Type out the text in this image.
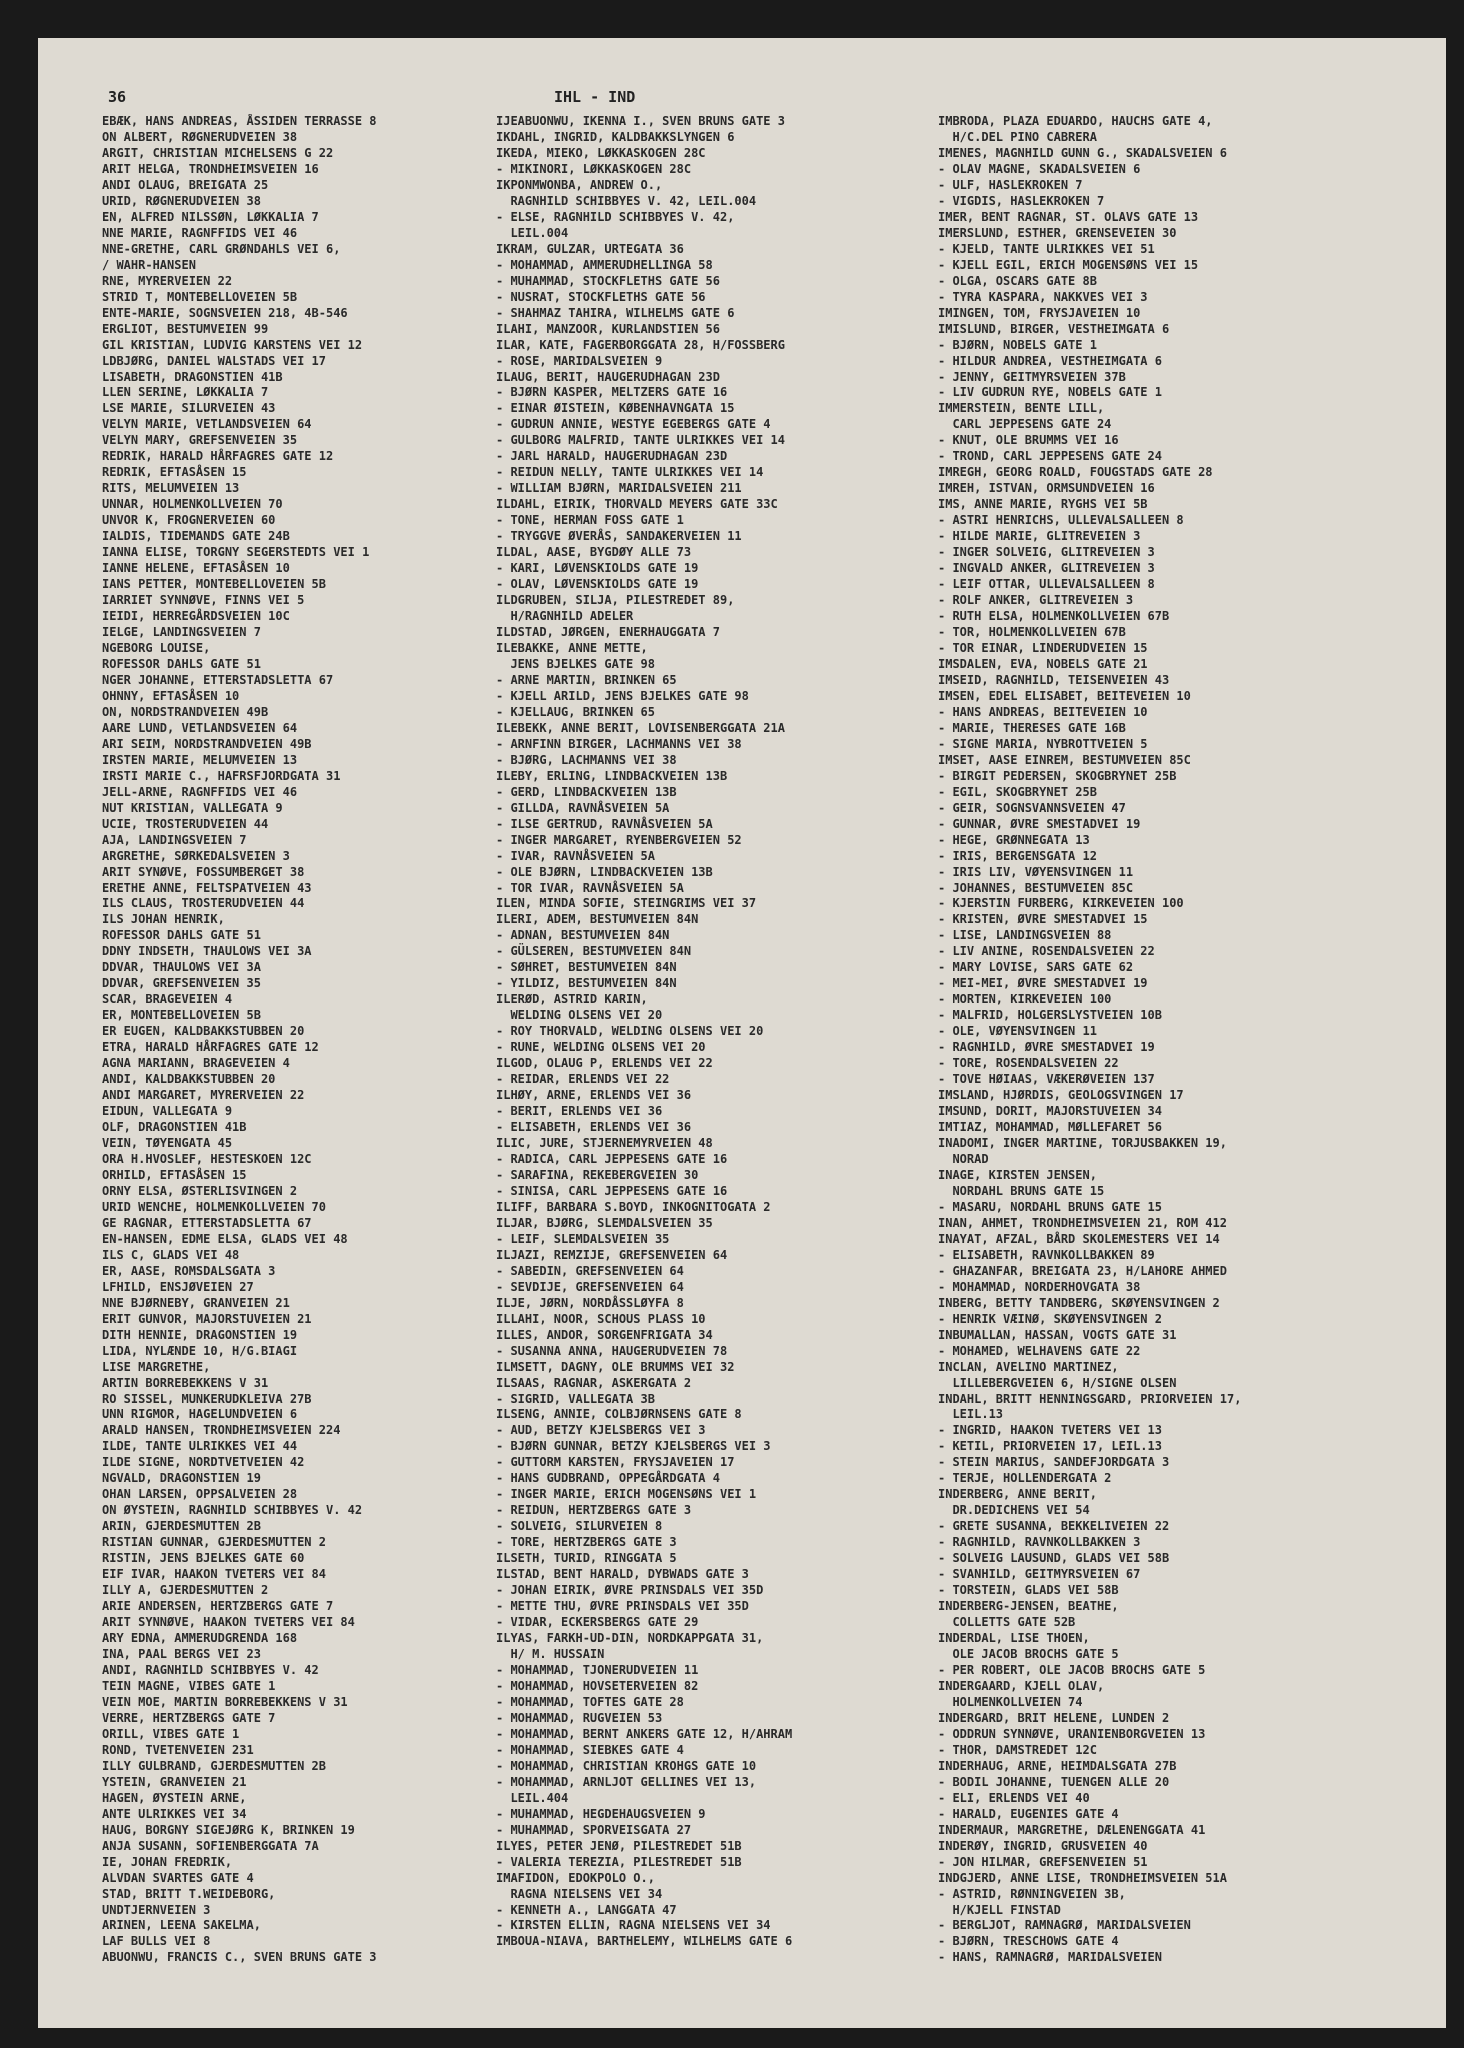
36	IHL - IND
EBÆK, HANS ANDREAS, ÅSSIDEN TERRASSE 8
ON ALBERT, RØGNERUDVEIEN 38
ARGIT, CHRISTIAN MICHELSENS G 22
ARIT HELGA, TRONDHEIMSVEIEN 16
ANDI OLAUG, BREIGATA 25
URID, RØGNERUDVEIEN 38
EN, ALFRED NILSSØN, LØKKALIA 7
NNE MARIE, RAGNFFIDS VEI 46
NNE-GRETHE, CARL GRØNDAHLS VEI 6,
/ WAHR-HANSEN
RNE, MYRERVEIEN 22
STRID T, MONTEBELLOVEIEN 5B
ENTE-MARIE, SOGNSVEIEN 218, 4B-546
ERGLIOT, BESTUMVEIEN 99
GIL KRISTIAN, LUDVIG KARSTENS VEI 12
LDBJØRG, DANIEL WALSTADS VEI 17
LISABETH, DRAGONSTIEN 41B
LLEN SERINE, LØKKALIA 7
LSE MARIE, SILURVEIEN 43
VELYN MARIE, VETLANDSVEIEN 64
VELYN MARY, GREFSENVEIEN 35
REDRIK, HARALD HÅRFAGRES GATE 12
REDRIK, EFTASÅSEN 15
RITS, MELUMVEIEN 13
UNNAR, HOLMENKOLLVEIEN 70
UNVOR K, FROGNERVEIEN 60
IALDIS, TIDEMANDS GATE 24B
IANNA ELISE, TORGNY SEGERSTEDTS VEI 1
IANNE HELENE, EFTASÅSEN 10
IANS PETTER, MONTEBELLOVEIEN 5B
IARRIET SYNNØVE, FINNS VEI 5
IEIDI, HERREGÅRDSVEIEN 10C
IELGE, LANDINGSVEIEN 7
NGEBORG LOUISE,
ROFESSOR DAHLS GATE 51
NGER JOHANNE, ETTERSTADSLETTA 67
OHNNY, EFTASÅSEN 10
ON, NORDSTRANDVEIEN 49B
AARE LUND, VETLANDSVEIEN 64
ARI SEIM, NORDSTRANDVEIEN 49B
IRSTEN MARIE, MELUMVEIEN 13
IRSTI MARIE C., HAFRSFJORDGATA 31
JELL-ARNE, RAGNFFIDS VEI 46
NUT KRISTIAN, VALLEGATA 9
UCIE, TROSTERUDVEIEN 44
AJA, LANDINGSVEIEN 7
ARGRETHE, SØRKEDALSVEIEN 3
ARIT SYNØVE, FOSSUMBERGET 38
ERETHE ANNE, FELTSPATVEIEN 43
ILS CLAUS, TROSTERUDVEIEN 44
ILS JOHAN HENRIK,
ROFESSOR DAHLS GATE 51
DDNY INDSETH, THAULOWS VEI 3A
DDVAR, THAULOWS VEI 3A
DDVAR, GREFSENVEIEN 35
SCAR, BRAGEVEIEN 4
ER, MONTEBELLOVEIEN 5B
ER EUGEN, KALDBAKKSTUBBEN 20
ETRA, HARALD HÅRFAGRES GATE 12
AGNA MARIANN, BRAGEVEIEN 4
ANDI, KALDBAKKSTUBBEN 20
ANDI MARGARET, MYRERVEIEN 22
EIDUN, VALLEGATA 9
OLF, DRAGONSTIEN 41B
VEIN, TØYENGATA 45
ORA H.HVOSLEF, HESTESKOEN 12C
ORHILD, EFTASÅSEN 15
ORNY ELSA, ØSTERLISVINGEN 2
URID WENCHE, HOLMENKOLLVEIEN 70
GE RAGNAR, ETTERSTADSLETTA 67
EN-HANSEN, EDME ELSA, GLADS VEI 48
ILS C, GLADS VEI 48
ER, AASE, ROMSDALSGATA 3
LFHILD, ENSJØVEIEN 27
NNE BJØRNEBY, GRANVEIEN 21
ERIT GUNVOR, MAJORSTUVEIEN 21
DITH HENNIE, DRAGONSTIEN 19
LIDA, NYLÆNDE 10, H/G.BIAGI
LISE MARGRETHE,
ARTIN BORREBEKKENS V 31
RO SISSEL, MUNKERUDKLEIVA 27B
UNN RIGMOR, HAGELUNDVEIEN 6
ARALD HANSEN, TRONDHEIMSVEIEN 224
ILDE, TANTE ULRIKKES VEI 44
ILDE SIGNE, NORDTVETVEIEN 42
NGVALD, DRAGONSTIEN 19
OHAN LARSEN, OPPSALVEIEN 28
ON ØYSTEIN, RAGNHILD SCHIBBYES V. 42
ARIN, GJERDESMUTTEN 2B
RISTIAN GUNNAR, GJERDESMUTTEN 2
RISTIN, JENS BJELKES GATE 60
EIF IVAR, HAAKON TVETERS VEI 84
ILLY A, GJERDESMUTTEN 2
ARIE ANDERSEN, HERTZBERGS GATE 7
ARIT SYNNØVE, HAAKON TVETERS VEI 84
ARY EDNA, AMMERUDGRENDA 168
INA, PAAL BERGS VEI 23
ANDI, RAGNHILD SCHIBBYES V. 42
TEIN MAGNE, VIBES GATE 1
VEIN MOE, MARTIN BORREBEKKENS V 31
VERRE, HERTZBERGS GATE 7
ORILL, VIBES GATE 1
ROND, TVETENVEIEN 231
ILLY GULBRAND, GJERDESMUTTEN 2B
YSTEIN, GRANVEIEN 21
HAGEN, ØYSTEIN ARNE,
ANTE ULRIKKES VEI 34
HAUG, BORGNY SIGEJØRG K, BRINKEN 19
ANJA SUSANN, SOFIENBERGGATA 7A
IE, JOHAN FREDRIK,
ALVDAN SVARTES GATE 4
STAD, BRITT T.WEIDEBORG,
UNDTJERNVEIEN 3
ARINEN, LEENA SAKELMA,
LAF BULLS VEI 8
ABUONWU, FRANCIS C., SVEN BRUNS GATE 3
IJEABUONWU, IKENNA I., SVEN BRUNS GATE 3
IKDAHL, INGRID, KALDBAKKSLYNGEN 6
IKEDA, MIEKO, LØKKASKOGEN 28C
- MIKINORI, LØKKASKOGEN 28C
IKPONMWONBA, ANDREW O.,
RAGNHILD SCHIBBYES V. 42, LEIL.004
- ELSE, RAGNHILD SCHIBBYES V. 42,
LEIL.004
IKRAM, GULZAR, URTEGATA 36
- MOHAMMAD, AMMERUDHELLINGA 58
- MUHAMMAD, STOCKFLETHS GATE 56
- NUSRAT, STOCKFLETHS GATE 56
- SHAHMAZ TAHIRA, WILHELMS GATE 6
ILAHI, MANZOOR, KURLANDSTIEN 56
ILAR, KATE, FAGERBORGGATA 28, H/FOSSBERG
- ROSE, MARIDALSVEIEN 9
ILAUG, BERIT, HAUGERUDHAGAN 23D
- BJØRN KASPER, MELTZERS GATE 16
- EINAR ØISTEIN, KØBENHAVNGATA 15
- GUDRUN ANNIE, WESTYE EGEBERGS GATE 4
- GULBORG MALFRID, TANTE ULRIKKES VEI 14
- JARL HARALD, HAUGERUDHAGAN 23D
- REIDUN NELLY, TANTE ULRIKKES VEI 14
- WILLIAM BJØRN, MARIDALSVEIEN 211
ILDAHL, EIRIK, THORVALD MEYERS GATE 33C
- TONE, HERMAN FOSS GATE 1
- TRYGGVE ØVERÅS, SANDAKERVEIEN 11
ILDAL, AASE, BYGDØY ALLE 73
- KARI, LØVENSKIOLDS GATE 19
- OLAV, LØVENSKIOLDS GATE 19
ILDGRUBEN, SILJA, PILESTREDET 89,
H/RAGNHILD ADELER
ILDSTAD, JØRGEN, ENERHAUGGATA 7
ILEBAKKE, ANNE METTE,
JENS BJELKES GATE 98
- ARNE MARTIN, BRINKEN 65
- KJELL ARILD, JENS BJELKES GATE 98
- KJELLAUG, BRINKEN 65
ILEBEKK, ANNE BERIT, LOVISENBERGGATA 21A
- ARNFINN BIRGER, LACHMANNS VEI 38
- BJØRG, LACHMANNS VEI 38
ILEBY, ERLING, LINDBACKVEIEN 13B
- GERD, LINDBACKVEIEN 13B
- GILLDA, RAVNÅSVEIEN 5A
- ILSE GERTRUD, RAVNÅSVEIEN 5A
- INGER MARGARET, RYENBERGVEIEN 52
- IVAR, RAVNÅSVEIEN 5A
- OLE BJØRN, LINDBACKVEIEN 13B
- TOR IVAR, RAVNÅSVEIEN 5A
ILEN, MINDA SOFIE, STEINGRIMS VEI 37
ILERI, ADEM, BESTUMVEIEN 84N
- ADNAN, BESTUMVEIEN 84N
- GÜLSEREN, BESTUMVEIEN 84N
- SØHRET, BESTUMVEIEN 84N
- YILDIZ, BESTUMVEIEN 84N
ILERØD, ASTRID KARIN,
WELDING OLSENS VEI 20
- ROY THORVALD, WELDING OLSENS VEI 20
- RUNE, WELDING OLSENS VEI 20
ILGOD, OLAUG P, ERLENDS VEI 22
- REIDAR, ERLENDS VEI 22
ILHØY, ARNE, ERLENDS VEI 36
- BERIT, ERLENDS VEI 36
- ELISABETH, ERLENDS VEI 36
ILIC, JURE, STJERNEMYRVEIEN 48
- RADICA, CARL JEPPESENS GATE 16
- SARAFINA, REKEBERGVEIEN 30
- SINISA, CARL JEPPESENS GATE 16
ILIFF, BARBARA S.BOYD, INKOGNITOGATA 2
ILJAR, BJØRG, SLEMDALSVEIEN 35
- LEIF, SLEMDALSVEIEN 35
ILJAZI, REMZIJE, GREFSENVEIEN 64
- SABEDIN, GREFSENVEIEN 64
- SEVDIJE, GREFSENVEIEN 64
ILJE, JØRN, NORDÅSSLØYFA 8
ILLAHI, NOOR, SCHOUS PLASS 10
ILLES, ANDOR, SORGENFRIGATA 34
- SUSANNA ANNA, HAUGERUDVEIEN 78
ILMSETT, DAGNY, OLE BRUMMS VEI 32
ILSAAS, RAGNAR, ASKERGATA 2
- SIGRID, VALLEGATA 3B
ILSENG, ANNIE, COLBJØRNSENS GATE 8
- AUD, BETZY KJELSBERGS VEI 3
- BJØRN GUNNAR, BETZY KJELSBERGS VEI 3
- GUTTORM KARSTEN, FRYSJAVEIEN 17
- HANS GUDBRAND, OPPEGÅRDGATA 4
- INGER MARIE, ERICH MOGENSØNS VEI 1
- REIDUN, HERTZBERGS GATE 3
- SOLVEIG, SILURVEIEN 8
- TORE, HERTZBERGS GATE 3
ILSETH, TURID, RINGGATA 5
ILSTAD, BENT HARALD, DYBWADS GATE 3
- JOHAN EIRIK, ØVRE PRINSDALS VEI 35D
- METTE THU, ØVRE PRINSDALS VEI 35D
- VIDAR, ECKERSBERGS GATE 29
ILYAS, FARKH-UD-DIN, NORDKAPPGATA 31,
H/ M. HUSSAIN
- MOHAMMAD, TJONERUDVEIEN 11
- MOHAMMAD, HOVSETERVEIEN 82
- MOHAMMAD, TOFTES GATE 28
- MOHAMMAD, RUGVEIEN 53
- MOHAMMAD, BERNT ANKERS GATE 12, H/AHRAM
- MOHAMMAD, SIEBKES GATE 4
- MOHAMMAD, CHRISTIAN KROHGS GATE 10
- MOHAMMAD, ARNLJOT GELLINES VEI 13,
LEIL.404
- MUHAMMAD, HEGDEHAUGSVEIEN 9
- MUHAMMAD, SPORVEISGATA 27
ILYES, PETER JENØ, PILESTREDET 51B
- VALERIA TEREZIA, PILESTREDET 51B
IMAFIDON, EDOKPOLO O.,
RAGNA NIELSENS VEI 34
- KENNETH A., LANGGATA 47
- KIRSTEN ELLIN, RAGNA NIELSENS VEI 34
IMBOUA-NIAVA, BARTHELEMY, WILHELMS GATE 6
IMBRODA, PLAZA EDUARDO, HAUCHS GATE 4,
H/C.DEL PINO CABRERA
IMENES, MAGNHILD GUNN G., SKADALSVEIEN 6
- OLAV MAGNE, SKADALSVEIEN 6
- ULF, HASLEKROKEN 7
- VIGDIS, HASLEKROKEN 7
IMER, BENT RAGNAR, ST. OLAVS GATE 13
IMERSLUND, ESTHER, GRENSEVEIEN 30
- KJELD, TANTE ULRIKKES VEI 51
- KJELL EGIL, ERICH MOGENSØNS VEI 15
- OLGA, OSCARS GATE 8B
- TYRA KASPARA, NAKKVES VEI 3
IMINGEN, TOM, FRYSJAVEIEN 10
IMISLUND, BIRGER, VESTHEIMGATA 6
- BJØRN, NOBELS GATE 1
- HILDUR ANDREA, VESTHEIMGATA 6
- JENNY, GEITMYRSVEIEN 37B
- LIV GUDRUN RYE, NOBELS GATE 1
IMMERSTEIN, BENTE LILL,
CARL JEPPESENS GATE 24
- KNUT, OLE BRUMMS VEI 16
- TROND, CARL JEPPESENS GATE 24
IMREGH, GEORG ROALD, FOUGSTADS GATE 28
IMREH, ISTVAN, ORMSUNDVEIEN 16
IMS, ANNE MARIE, RYGHS VEI 5B
- ASTRI HENRICHS, ULLEVALSALLEEN 8
- HILDE MARIE, GLITREVEIEN 3
- INGER SOLVEIG, GLITREVEIEN 3
- INGVALD ANKER, GLITREVEIEN 3
- LEIF OTTAR, ULLEVALSALLEEN 8
- ROLF ANKER, GLITREVEIEN 3
- RUTH ELSA, HOLMENKOLLVEIEN 67B
- TOR, HOLMENKOLLVEIEN 67B
- TOR EINAR, LINDERUDVEIEN 15
IMSDALEN, EVA, NOBELS GATE 21
IMSEID, RAGNHILD, TEISENVEIEN 43
IMSEN, EDEL ELISABET, BEITEVEIEN 10
- HANS ANDREAS, BEITEVEIEN 10
- MARIE, THERESES GATE 16B
- SIGNE MARIA, NYBROTTVEIEN 5
IMSET, AASE EINREM, BESTUMVEIEN 85C
- BIRGIT PEDERSEN, SKOGBRYNET 25B
- EGIL, SKOGBRYNET 25B
- GEIR, SOGNSVANNSVEIEN 47
- GUNNAR, ØVRE SMESTADVEI 19
- HEGE, GRØNNEGATA 13
- IRIS, BERGENSGATA 12
- IRIS LIV, VØYENSVINGEN 11
- JOHANNES, BESTUMVEIEN 85C
- KJERSTIN FURBERG, KIRKEVEIEN 100
- KRISTEN, ØVRE SMESTADVEI 15
- LISE, LANDINGSVEIEN 88
- LIV ANINE, ROSENDALSVEIEN 22
- MARY LOVISE, SARS GATE 62
- MEI-MEI, ØVRE SMESTADVEI 19
- MORTEN, KIRKEVEIEN 100
- MALFRID, HOLGERSLYSTVEIEN 10B
- OLE, VØYENSVINGEN 11
- RAGNHILD, ØVRE SMESTADVEI 19
- TORE, ROSENDALSVEIEN 22
- TOVE HØIAAS, VÆKERØVEIEN 137
IMSLAND, HJØRDIS, GEOLOGSVINGEN 17
IMSUND, DORIT, MAJORSTUVEIEN 34
IMTIAZ, MOHAMMAD, MØLLEFARET 56
INADOMI, INGER MARTINE, TORJUSBAKKEN 19,
NORAD
INAGE, KIRSTEN JENSEN,
NORDAHL BRUNS GATE 15
- MASARU, NORDAHL BRUNS GATE 15
INAN, AHMET, TRONDHEIMSVEIEN 21, ROM 412
INAYAT, AFZAL, BÅRD SKOLEMESTERS VEI 14
- ELISABETH, RAVNKOLLBAKKEN 89
- GHAZANFAR, BREIGATA 23, H/LAHORE AHMED
- MOHAMMAD, NORDERHOVGATA 38
INBERG, BETTY TANDBERG, SKØYENSVINGEN 2
- HENRIK VÆINØ, SKØYENSVINGEN 2
INBUMALLAN, HASSAN, VOGTS GATE 31
- MOHAMED, WELHAVENS GATE 22
INCLAN, AVELINO MARTINEZ,
LILLEBERGVEIEN 6, H/SIGNE OLSEN
INDAHL, BRITT HENNINGSGARD, PRIORVEIEN 17,
LEIL.13
- INGRID, HAAKON TVETERS VEI 13
- KETIL, PRIORVEIEN 17, LEIL.13
- STEIN MARIUS, SANDEFJORDGATA 3
- TERJE, HOLLENDERGATA 2
INDERBERG, ANNE BERIT,
DR.DEDICHENS VEI 54
- GRETE SUSANNA, BEKKELIVEIEN 22
- RAGNHILD, RAVNKOLLBAKKEN 3
- SOLVEIG LAUSUND, GLADS VEI 58B
- SVANHILD, GEITMYRSVEIEN 67
- TORSTEIN, GLADS VEI 58B
INDERBERG-JENSEN, BEATHE,
COLLETTS GATE 52B
INDERDAL, LISE THOEN,
OLE JACOB BROCHS GATE 5
- PER ROBERT, OLE JACOB BROCHS GATE 5
INDERGAARD, KJELL OLAV,
HOLMENKOLLVEIEN 74
INDERGARD, BRIT HELENE, LUNDEN 2
- ODDRUN SYNNØVE, URANIENBORGVEIEN 13
- THOR, DAMSTREDET 12C
INDERHAUG, ARNE, HEIMDALSGATA 27B
- BODIL JOHANNE, TUENGEN ALLE 20
- ELI, ERLENDS VEI 40
- HARALD, EUGENIES GATE 4
INDERMAUR, MARGRETHE, DÆLENENGGATA 41
INDERØY, INGRID, GRUSVEIEN 40
- JON HILMAR, GREFSENVEIEN 51
INDGJERD, ANNE LISE, TRONDHEIMSVEIEN 51A
- ASTRID, RØNNINGVEIEN 3B,
H/KJELL FINSTAD
- BERGLJOT, RAMNAGRØ, MARIDALSVEIEN
- BJØRN, TRESCHOWS GATE 4
- HANS, RAMNAGRØ, MARIDALSVEIEN
